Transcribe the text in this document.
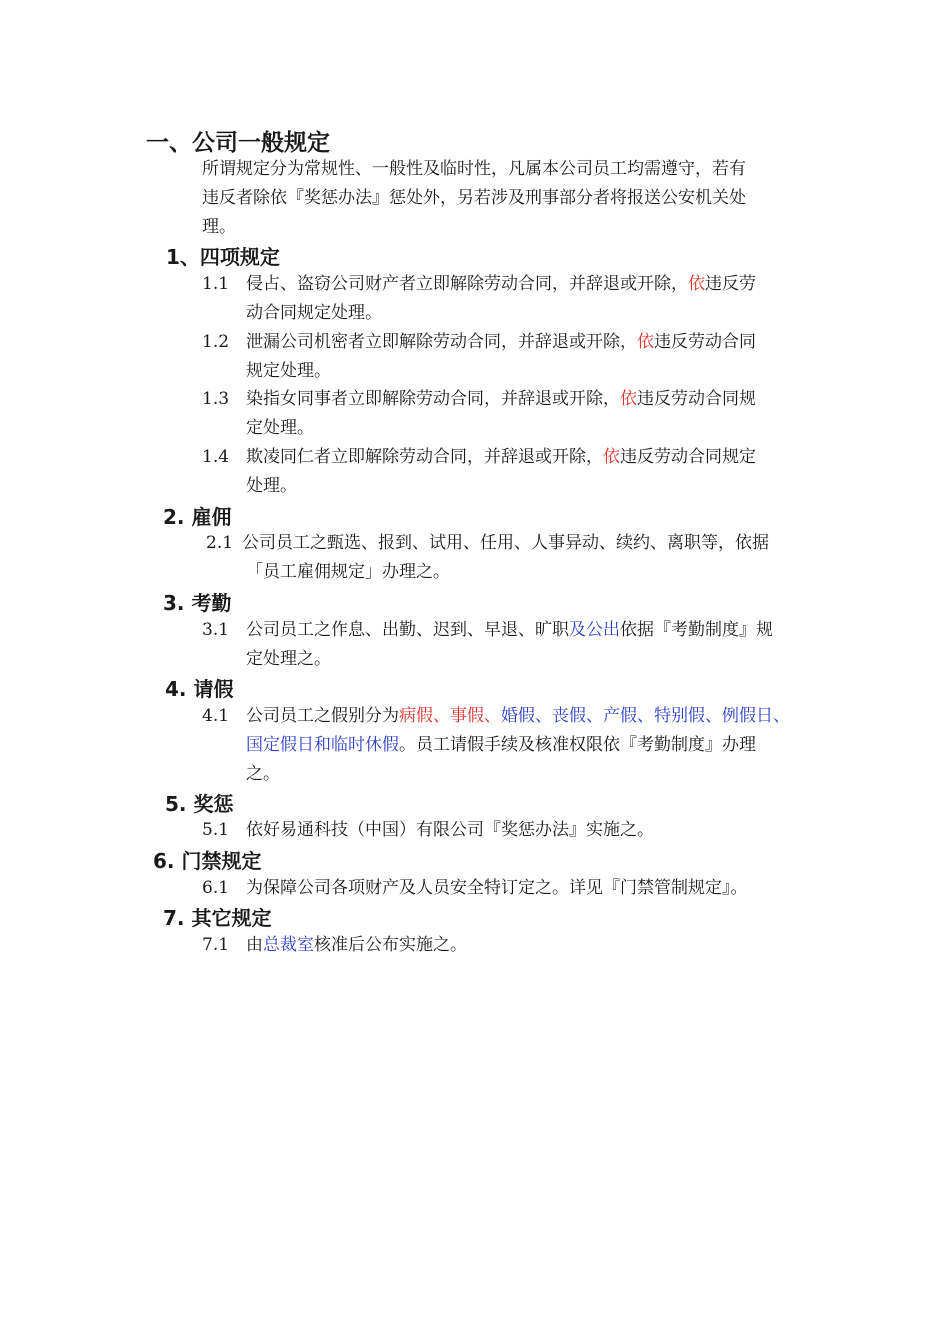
一、公司一般规定
所谓规定分为常规性、一般性及临时性，凡属本公司员工均需遵守，若有
违反者除依『奖惩办法』惩处外，另若涉及刑事部分者将报送公安机关处
理。
1、四项规定
1.1 侵占、盗窃公司财产者立即解除劳动合同，并辞退或开除，依违反劳
动合同规定处理。
1.2 泄漏公司机密者立即解除劳动合同，并辞退或开除，依违反劳动合同
规定处理。
1.3 染指女同事者立即解除劳动合同，并辞退或开除，依违反劳动合同规
定处理。
1.4 欺凌同仁者立即解除劳动合同，并辞退或开除，依违反劳动合同规定
处理。
2. 雇佣
2.1 公司员工之甄选、报到、试用、任用、人事异动、续约、离职等，依据
「员工雇佣规定」办理之。
3. 考勤
3.1 公司员工之作息、出勤、迟到、早退、旷职及公出依据『考勤制度』规
定处理之。
4. 请假
4.1 公司员工之假别分为病假、事假、婚假、丧假、产假、特别假、例假日、
国定假日和临时休假。员工请假手续及核准权限依『考勤制度』办理
之。
5. 奖惩
5.1 依好易通科技（中国）有限公司『奖惩办法』实施之。
6. 门禁规定
6.1 为保障公司各项财产及人员安全特订定之。详见『门禁管制规定』。
7. 其它规定
7.1 由总裁室核准后公布实施之。
